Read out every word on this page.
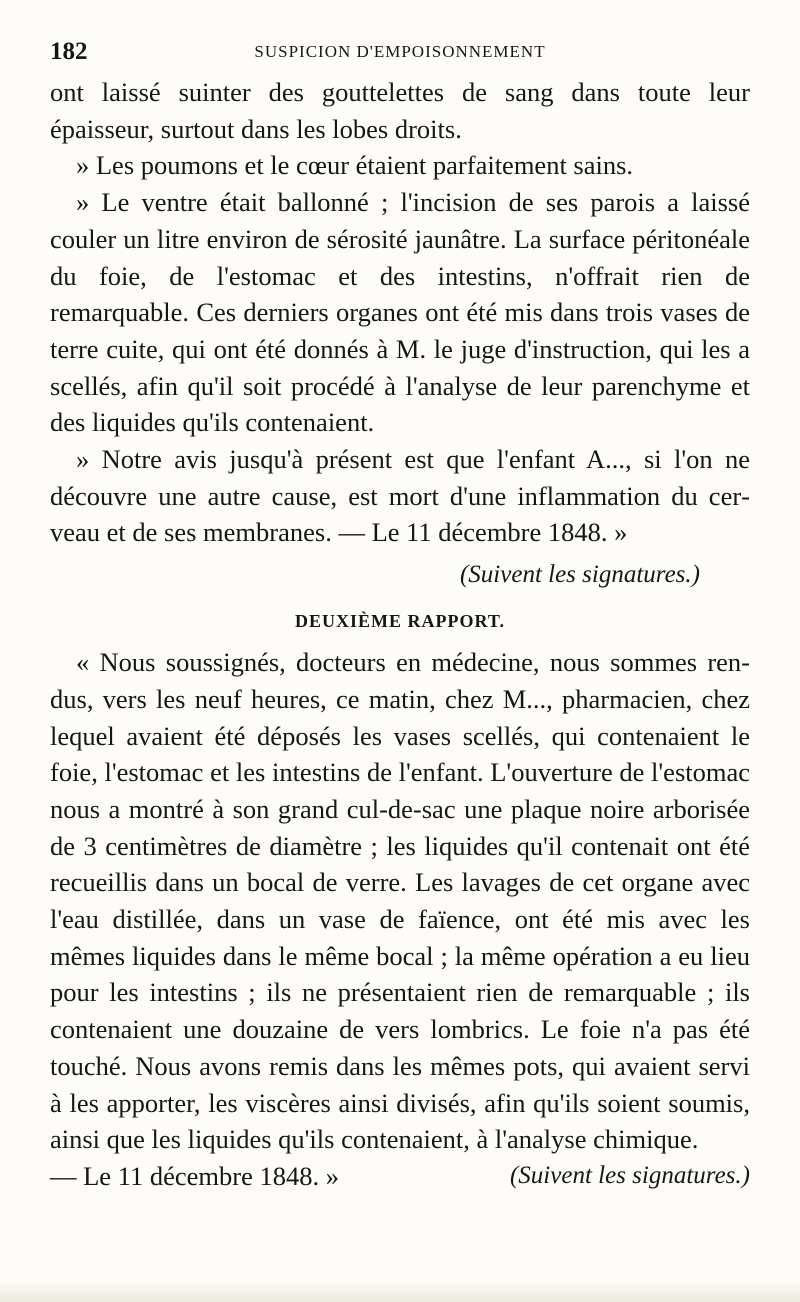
182	SUSPICION D'EMPOISONNEMENT

ont laissé suinter des gouttelettes de sang dans toute leur épaisseur, surtout dans les lobes droits.

» Les poumons et le cœur étaient parfaitement sains.

» Le ventre était ballonné ; l'incision de ses parois a laissé couler un litre environ de sérosité jaunâtre. La surface péritonéale du foie, de l'estomac et des intestins, n'offrait rien de remarquable. Ces derniers organes ont été mis dans trois vases de terre cuite, qui ont été donnés à M. le juge d'instruction, qui les a scellés, afin qu'il soit procédé à l'analyse de leur parenchyme et des liquides qu'ils contenaient.

» Notre avis jusqu'à présent est que l'enfant A..., si l'on ne découvre une autre cause, est mort d'une inflammation du cerveau et de ses membranes. — Le 11 décembre 1848. »

(Suivent les signatures.)
DEUXIÈME RAPPORT.

« Nous soussignés, docteurs en médecine, nous sommes rendus, vers les neuf heures, ce matin, chez M..., pharmacien, chez lequel avaient été déposés les vases scellés, qui contenaient le foie, l'estomac et les intestins de l'enfant. L'ouverture de l'estomac nous a montré à son grand cul-de-sac une plaque noire arborisée de 3 centimètres de diamètre ; les liquides qu'il contenait ont été recueillis dans un bocal de verre. Les lavages de cet organe avec l'eau distillée, dans un vase de faïence, ont été mis avec les mêmes liquides dans le même bocal ; la même opération a eu lieu pour les intestins ; ils ne présentaient rien de remarquable ; ils contenaient une douzaine de vers lombrics. Le foie n'a pas été touché. Nous avons remis dans les mêmes pots, qui avaient servi à les apporter, les viscères ainsi divisés, afin qu'ils soient soumis, ainsi que les liquides qu'ils contenaient, à l'analyse chimique.

— Le 11 décembre 1848. »	(Suivent les signatures.)
